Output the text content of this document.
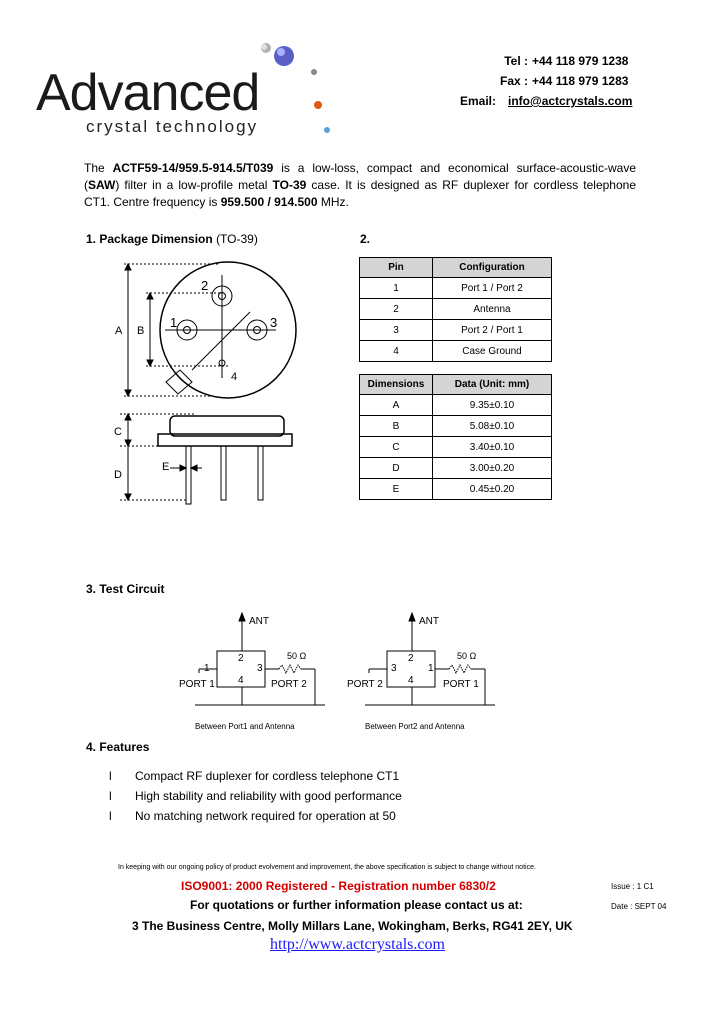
Advanced
crystal technology
Tel : +44 118 979 1238
Fax : +44 118 979 1283
Email: info@actcrystals.com
The ACTF59-14/959.5-914.5/T039 is a low-loss, compact and economical surface-acoustic-wave (SAW) filter in a low-profile metal TO-39 case. It is designed as RF duplexer for cordless telephone CT1. Centre frequency is 959.500 / 914.500 MHz.
1. Package Dimension (TO-39)	2.
A B
C
D
E
2
1	3
4
Pin	Configuration
1	Port 1 / Port 2
2	Antenna
3	Port 2 / Port 1
4	Case Ground
Dimensions	Data (Unit: mm)
A	9.35±0.10
B	5.08±0.10
C	3.40±0.10
D	3.00±0.20
E	0.45±0.20
3. Test Circuit
ANT
2
1	3
4
PORT 1	PORT 2
50 Ω
Between Port1 and Antenna
ANT
2
3	1
4
PORT 2	PORT 1
50 Ω
Between Port2 and Antenna
4. Features
l Compact RF duplexer for cordless telephone CT1
l High stability and reliability with good performance
l No matching network required for operation at 50
In keeping with our ongoing policy of product evolvement and improvement, the above specification is subject to change without notice.
ISO9001: 2000 Registered - Registration number 6830/2	Issue : 1 C1
For quotations or further information please contact us at:	Date : SEPT 04
3 The Business Centre, Molly Millars Lane, Wokingham, Berks, RG41 2EY, UK
http://www.actcrystals.com
